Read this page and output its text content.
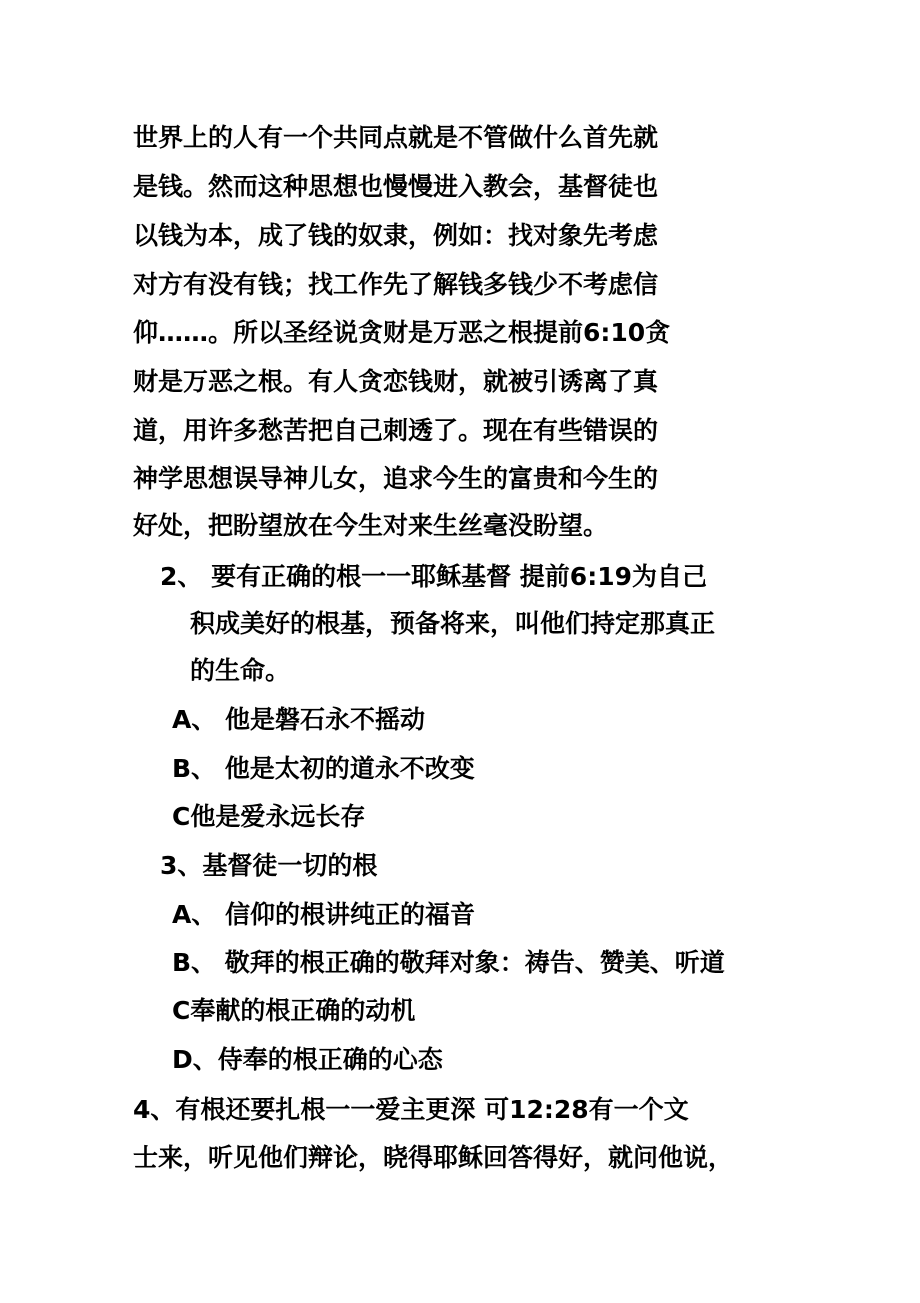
世界上的人有一个共同点就是不管做什么首先就
是钱。然而这种思想也慢慢进入教会，基督徒也
以钱为本，成了钱的奴隶，例如：找对象先考虑
对方有没有钱；找工作先了解钱多钱少不考虑信
仰……。所以圣经说贪财是万恶之根提前6:10贪
财是万恶之根。有人贪恋钱财，就被引诱离了真
道，用许多愁苦把自己刺透了。现在有些错误的
神学思想误导神儿女，追求今生的富贵和今生的
好处，把盼望放在今生对来生丝毫没盼望。
2、 要有正确的根一一耶稣基督 提前6:19为自己
积成美好的根基，预备将来，叫他们持定那真正
的生命。
A、 他是磐石永不摇动
B、 他是太初的道永不改变
C他是爱永远长存
3、基督徒一切的根
A、 信仰的根讲纯正的福音
B、 敬拜的根正确的敬拜对象：祷告、赞美、听道
C奉献的根正确的动机
D、侍奉的根正确的心态
4、有根还要扎根一一爱主更深 可12:28有一个文
士来，听见他们辩论，晓得耶稣回答得好，就问他说，
